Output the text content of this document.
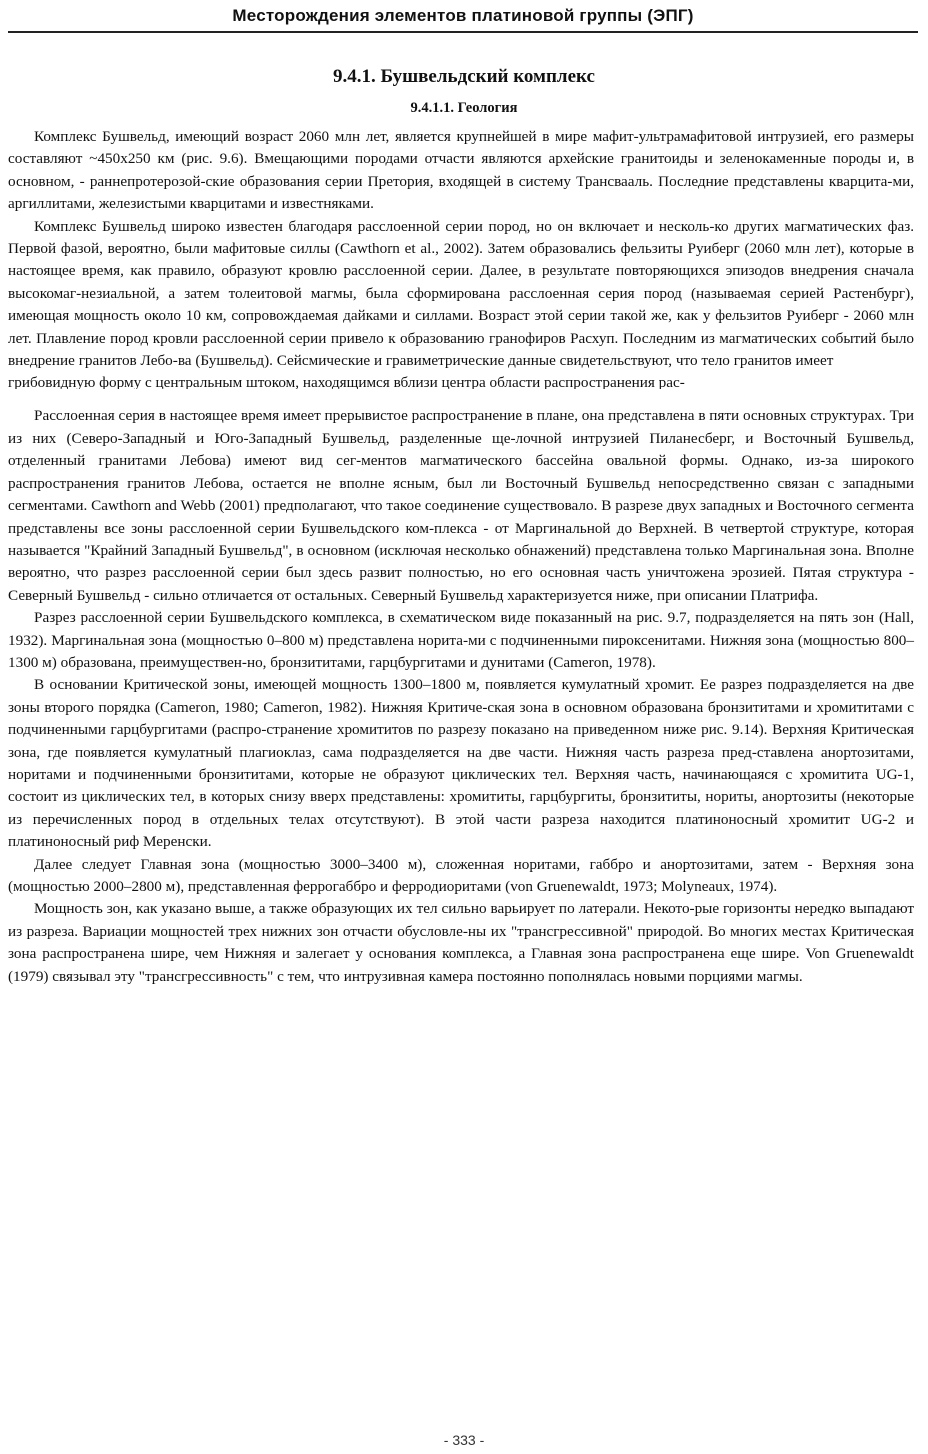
Месторождения элементов платиновой группы (ЭПГ)
9.4.1. Бушвельдский комплекс
9.4.1.1. Геология

Комплекс Бушвельд, имеющий возраст 2060 млн лет, является крупнейшей в мире мафит-ультрамафитовой интрузией, его размеры составляют ~450х250 км (рис. 9.6). Вмещающими породами отчасти являются архейские гранитоиды и зеленокаменные породы и, в основном, - раннепротерозой-ские образования серии Претория, входящей в систему Трансвааль. Последние представлены кварцита-ми, аргиллитами, железистыми кварцитами и известняками.

Комплекс Бушвельд широко известен благодаря расслоенной серии пород, но он включает и несколь-ко других магматических фаз. Первой фазой, вероятно, были мафитовые силлы (Cawthorn et al., 2002). Затем образовались фельзиты Руиберг (2060 млн лет), которые в настоящее время, как правило, образуют кровлю расслоенной серии. Далее, в результате повторяющихся эпизодов внедрения сначала высокомаг-незиальной, а затем толеитовой магмы, была сформирована расслоенная серия пород (называемая серией Растенбург), имеющая мощность около 10 км, сопровождаемая дайками и силлами. Возраст этой серии такой же, как у фельзитов Руиберг - 2060 млн лет. Плавление пород кровли расслоенной серии привело к образованию гранофиров Расхуп. Последним из магматических событий было внедрение гранитов Лебо-ва (Бушвельд). Сейсмические и гравиметрические данные свидетельствуют, что тело гранитов имеет

грибовидную форму с центральным штоком, находящимся вблизи центра области распространения рас-

Расслоенная серия в настоящее время имеет прерывистое распространение в плане, она представлена в пяти основных структурах. Три из них (Северо-Западный и Юго-Западный Бушвельд, разделенные ще-лочной интрузией Пиланесберг, и Восточный Бушвельд, отделенный гранитами Лебова) имеют вид сег-ментов магматического бассейна овальной формы. Однако, из-за широкого распространения гранитов Лебова, остается не вполне ясным, был ли Восточный Бушвельд непосредственно связан с западными сегментами. Cawthorn and Webb (2001) предполагают, что такое соединение существовало. В разрезе двух западных и Восточного сегмента представлены все зоны расслоенной серии Бушвельдского ком-плекса - от Маргинальной до Верхней. В четвертой структуре, которая называется "Крайний Западный Бушвельд", в основном (исключая несколько обнажений) представлена только Маргинальная зона. Вполне вероятно, что разрез расслоенной серии был здесь развит полностью, но его основная часть уничтожена эрозией. Пятая структура - Северный Бушвельд - сильно отличается от остальных. Северный Бушвельд характеризуется ниже, при описании Платрифа.

Разрез расслоенной серии Бушвельдского комплекса, в схематическом виде показанный на рис. 9.7, подразделяется на пять зон (Hall, 1932). Маргинальная зона (мощностью 0–800 м) представлена норита-ми с подчиненными пироксенитами. Нижняя зона (мощностью 800–1300 м) образована, преимуществен-но, бронзититами, гарцбургитами и дунитами (Cameron, 1978).

В основании Критической зоны, имеющей мощность 1300–1800 м, появляется кумулатный хромит. Ее разрез подразделяется на две зоны второго порядка (Cameron, 1980; Cameron, 1982). Нижняя Критиче-ская зона в основном образована бронзититами и хромититами с подчиненными гарцбургитами (распро-странение хромититов по разрезу показано на приведенном ниже рис. 9.14). Верхняя Критическая зона, где появляется кумулатный плагиоклаз, сама подразделяется на две части. Нижняя часть разреза пред-ставлена анортозитами, норитами и подчиненными бронзититами, которые не образуют циклических тел. Верхняя часть, начинающаяся с хромитита UG-1, состоит из циклических тел, в которых снизу вверх представлены: хромититы, гарцбургиты, бронзититы, нориты, анортозиты (некоторые из перечисленных пород в отдельных телах отсутствуют). В этой части разреза находится платиноносный хромитит UG-2 и платиноносный риф Меренски.

Далее следует Главная зона (мощностью 3000–3400 м), сложенная норитами, габбро и анортозитами, затем - Верхняя зона (мощностью 2000–2800 м), представленная феррогаббро и ферродиоритами (von Gruenewaldt, 1973; Molyneaux, 1974).

Мощность зон, как указано выше, а также образующих их тел сильно варьирует по латерали. Некото-рые горизонты нередко выпадают из разреза. Вариации мощностей трех нижних зон отчасти обусловле-ны их "трансгрессивной" природой. Во многих местах Критическая зона распространена шире, чем Нижняя и залегает у основания комплекса, а Главная зона распространена еще шире. Von Gruenewaldt (1979) связывал эту "трансгрессивность" с тем, что интрузивная камера постоянно пополнялась новыми порциями магмы.

- 333 -
